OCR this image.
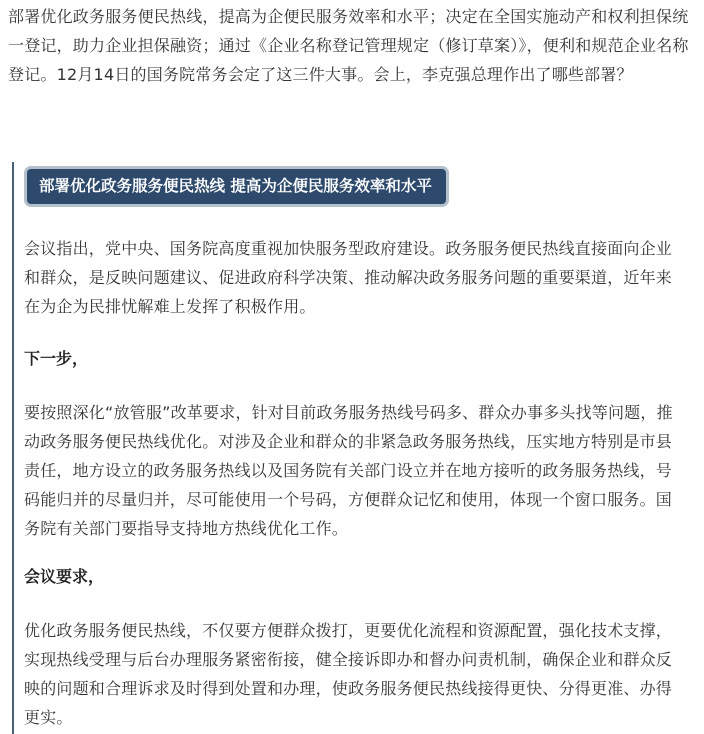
部署优化政务服务便民热线，提高为企便民服务效率和水平；决定在全国实施动产和权利担保统一登记，助力企业担保融资；通过《企业名称登记管理规定（修订草案）》，便利和规范企业名称登记。12月14日的国务院常务会定了这三件大事。会上，李克强总理作出了哪些部署？

部署优化政务服务便民热线 提高为企便民服务效率和水平

会议指出，党中央、国务院高度重视加快服务型政府建设。政务服务便民热线直接面向企业和群众，是反映问题建议、促进政府科学决策、推动解决政务服务问题的重要渠道，近年来在为企为民排忧解难上发挥了积极作用。

下一步，

要按照深化“放管服”改革要求，针对目前政务服务热线号码多、群众办事多头找等问题，推动政务服务便民热线优化。对涉及企业和群众的非紧急政务服务热线，压实地方特别是市县责任，地方设立的政务服务热线以及国务院有关部门设立并在地方接听的政务服务热线，号码能归并的尽量归并，尽可能使用一个号码，方便群众记忆和使用，体现一个窗口服务。国务院有关部门要指导支持地方热线优化工作。

会议要求，

优化政务服务便民热线，不仅要方便群众拨打，更要优化流程和资源配置，强化技术支撑，实现热线受理与后台办理服务紧密衔接，健全接诉即办和督办问责机制，确保企业和群众反映的问题和合理诉求及时得到处置和办理，使政务服务便民热线接得更快、分得更准、办得更实。
